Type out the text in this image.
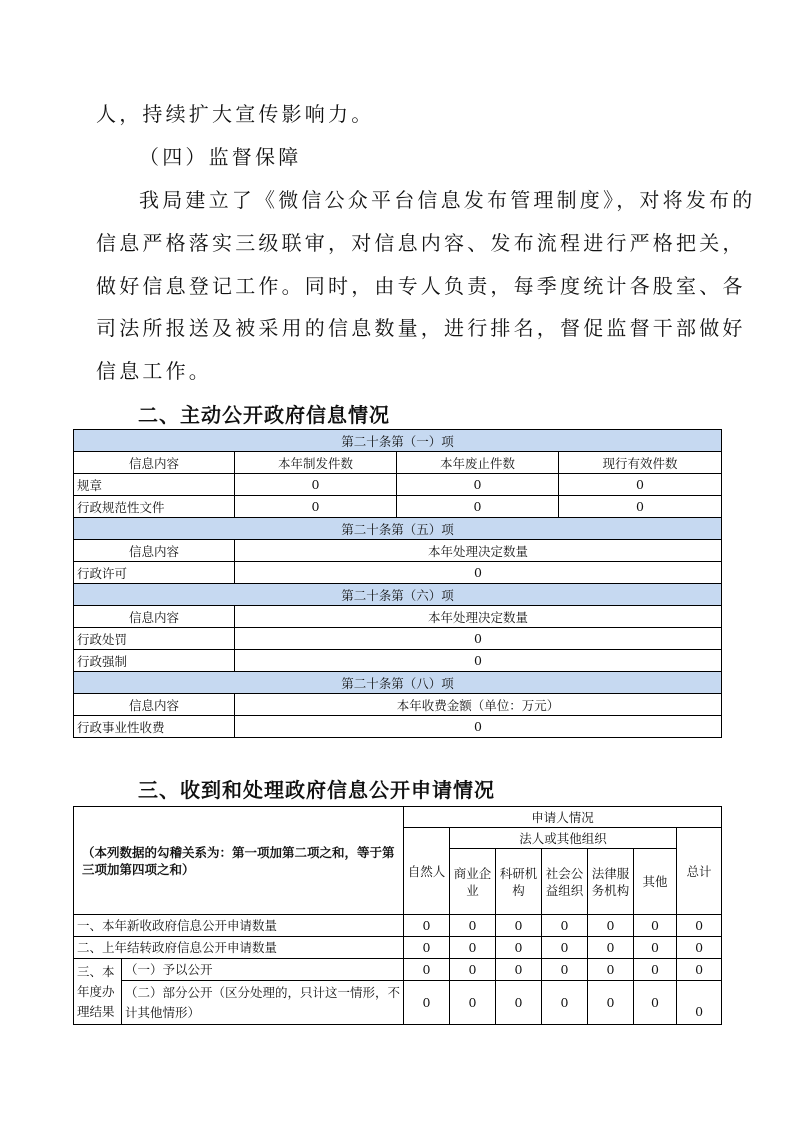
人，持续扩大宣传影响力。
（四）监督保障
我局建立了《微信公众平台信息发布管理制度》，对将发布的
信息严格落实三级联审，对信息内容、发布流程进行严格把关，
做好信息登记工作。同时，由专人负责，每季度统计各股室、各
司法所报送及被采用的信息数量，进行排名，督促监督干部做好
信息工作。
二、主动公开政府信息情况
第二十条第（一）项			
信息内容	本年制发件数	本年废止件数	现行有效件数
规章	0	0	0
行政规范性文件	0	0	0
第二十条第（五）项			
信息内容	本年处理决定数量		
行政许可	0		
第二十条第（六）项			
信息内容	本年处理决定数量		
行政处罚	0		
行政强制	0		
第二十条第（八）项			
信息内容	本年收费金额（单位：万元）		
行政事业性收费	0		
三、收到和处理政府信息公开申请情况
（本列数据的勾稽关系为：第一项加第二项之和，等于第三项加第四项之和）		申请人情况						
		自然人	法人或其他组织					总计
			商业企业	科研机构	社会公益组织	法律服务机构	其他	
一、本年新收政府信息公开申请数量		0	0	0	0	0	0	0
二、上年结转政府信息公开申请数量		0	0	0	0	0	0	0
三、本年度办理结果	（一）予以公开	0	0	0	0	0	0	0
	（二）部分公开（区分处理的，只计这一情形，不计其他情形）	0	0	0	0	0	0	0
